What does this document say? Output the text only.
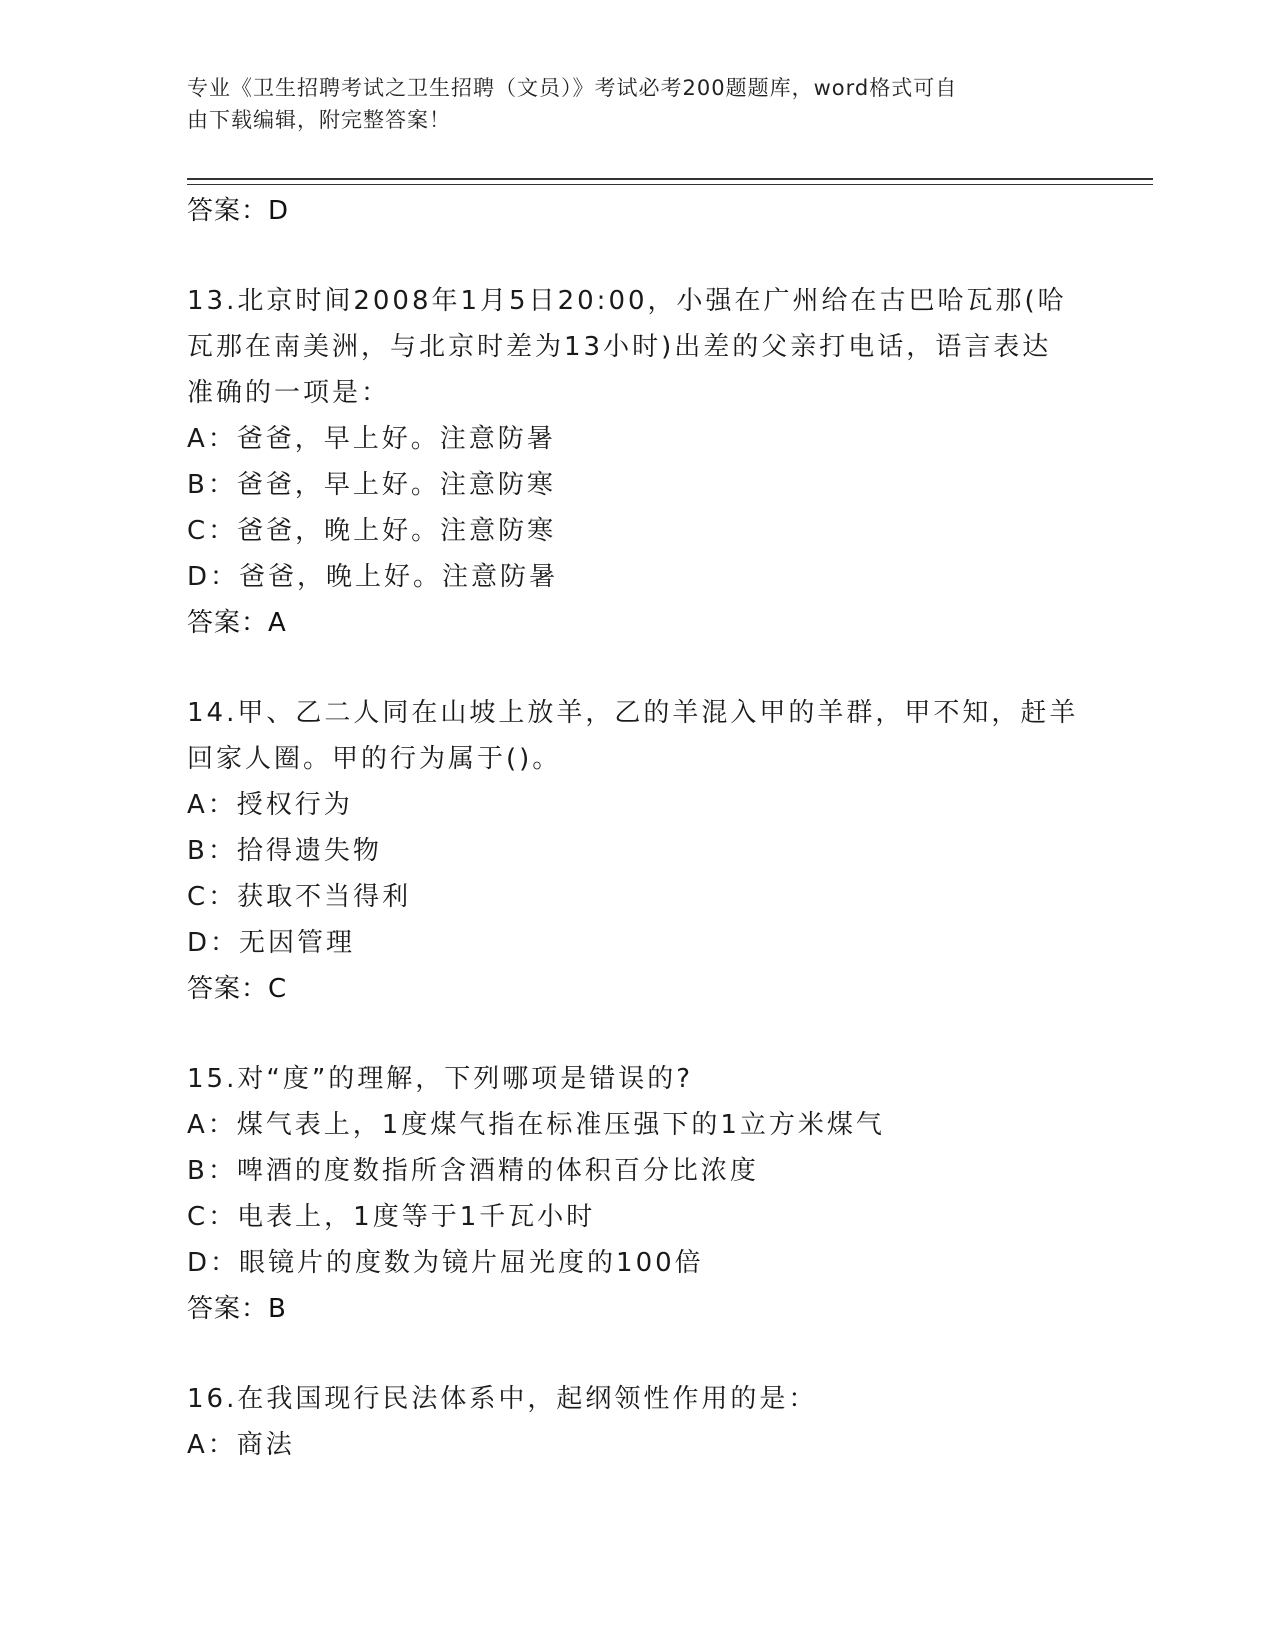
专业《卫生招聘考试之卫生招聘（文员）》考试必考200题题库，word格式可自
由下载编辑，附完整答案！
答案：D
13.北京时间2008年1月5日20:00，小强在广州给在古巴哈瓦那(哈
瓦那在南美洲，与北京时差为13小时)出差的父亲打电话，语言表达
准确的一项是：
A：爸爸，早上好。注意防暑
B：爸爸，早上好。注意防寒
C：爸爸，晚上好。注意防寒
D：爸爸，晚上好。注意防暑
答案：A
14.甲、乙二人同在山坡上放羊，乙的羊混入甲的羊群，甲不知，赶羊
回家人圈。甲的行为属于()。
A：授权行为
B：拾得遗失物
C：获取不当得利
D：无因管理
答案：C
15.对“度”的理解，下列哪项是错误的?
A：煤气表上，1度煤气指在标准压强下的1立方米煤气
B：啤酒的度数指所含酒精的体积百分比浓度
C：电表上，1度等于1千瓦小时
D：眼镜片的度数为镜片屈光度的100倍
答案：B
16.在我国现行民法体系中，起纲领性作用的是：
A：商法
